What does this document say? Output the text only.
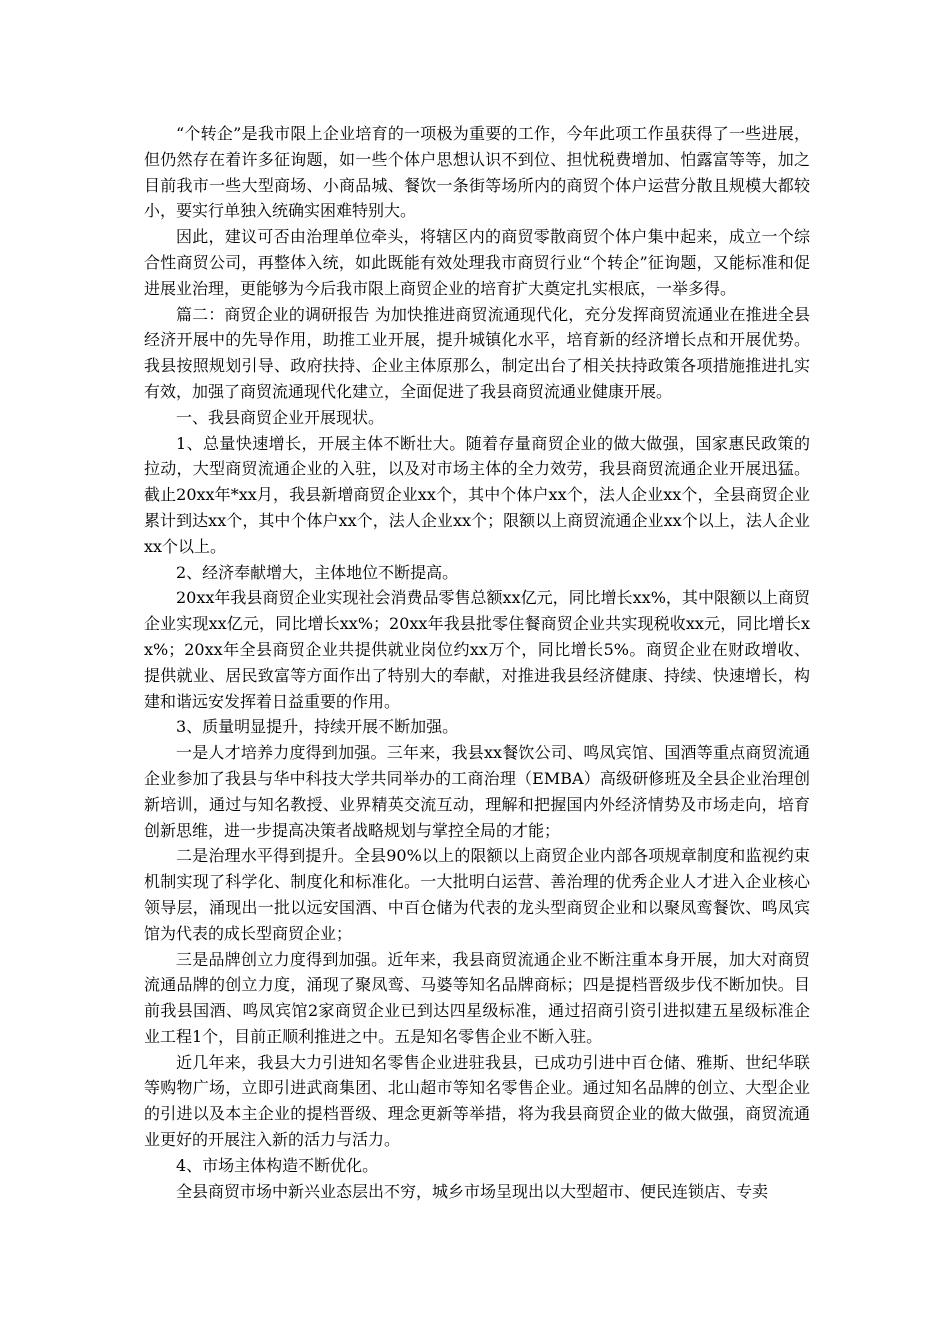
“个转企”是我市限上企业培育的一项极为重要的工作，今年此项工作虽获得了一些进展，但仍然存在着许多征询题，如一些个体户思想认识不到位、担忧税费增加、怕露富等等，加之目前我市一些大型商场、小商品城、餐饮一条街等场所内的商贸个体户运营分散且规模大都较小，要实行单独入统确实困难特别大。

因此，建议可否由治理单位牵头，将辖区内的商贸零散商贸个体户集中起来，成立一个综合性商贸公司，再整体入统，如此既能有效处理我市商贸行业“个转企”征询题，又能标准和促进展业治理，更能够为今后我市限上商贸企业的培育扩大奠定扎实根底，一举多得。

篇二：商贸企业的调研报告 为加快推进商贸流通现代化，充分发挥商贸流通业在推进全县经济开展中的先导作用，助推工业开展，提升城镇化水平，培育新的经济增长点和开展优势。我县按照规划引导、政府扶持、企业主体原那么，制定出台了相关扶持政策各项措施推进扎实有效，加强了商贸流通现代化建立，全面促进了我县商贸流通业健康开展。

一、我县商贸企业开展现状。

1、总量快速增长，开展主体不断壮大。随着存量商贸企业的做大做强，国家惠民政策的拉动，大型商贸流通企业的入驻，以及对市场主体的全力效劳，我县商贸流通企业开展迅猛。截止20xx年*xx月，我县新增商贸企业xx个，其中个体户xx个，法人企业xx个，全县商贸企业累计到达xx个，其中个体户xx个，法人企业xx个；限额以上商贸流通企业xx个以上，法人企业xx个以上。

2、经济奉献增大，主体地位不断提高。

20xx年我县商贸企业实现社会消费品零售总额xx亿元，同比增长xx%，其中限额以上商贸企业实现xx亿元，同比增长xx%；20xx年我县批零住餐商贸企业共实现税收xx元，同比增长xx%；20xx年全县商贸企业共提供就业岗位约xx万个，同比增长5%。商贸企业在财政增收、提供就业、居民致富等方面作出了特别大的奉献，对推进我县经济健康、持续、快速增长，构建和谐远安发挥着日益重要的作用。

3、质量明显提升，持续开展不断加强。

一是人才培养力度得到加强。三年来，我县xx餐饮公司、鸣凤宾馆、国酒等重点商贸流通企业参加了我县与华中科技大学共同举办的工商治理（EMBA）高级研修班及全县企业治理创新培训，通过与知名教授、业界精英交流互动，理解和把握国内外经济情势及市场走向，培育创新思维，进一步提高决策者战略规划与掌控全局的才能；

二是治理水平得到提升。全县90%以上的限额以上商贸企业内部各项规章制度和监视约束机制实现了科学化、制度化和标准化。一大批明白运营、善治理的优秀企业人才进入企业核心领导层，涌现出一批以远安国酒、中百仓储为代表的龙头型商贸企业和以聚凤鸾餐饮、鸣凤宾馆为代表的成长型商贸企业；

三是品牌创立力度得到加强。近年来，我县商贸流通企业不断注重本身开展，加大对商贸流通品牌的创立力度，涌现了聚凤鸾、马婆等知名品牌商标；四是提档晋级步伐不断加快。目前我县国酒、鸣凤宾馆2家商贸企业已到达四星级标准，通过招商引资引进拟建五星级标准企业工程1个，目前正顺利推进之中。五是知名零售企业不断入驻。

近几年来，我县大力引进知名零售企业进驻我县，已成功引进中百仓储、雅斯、世纪华联等购物广场，立即引进武商集团、北山超市等知名零售企业。通过知名品牌的创立、大型企业的引进以及本主企业的提档晋级、理念更新等举措，将为我县商贸企业的做大做强，商贸流通业更好的开展注入新的活力与活力。

4、市场主体构造不断优化。

全县商贸市场中新兴业态层出不穷，城乡市场呈现出以大型超市、便民连锁店、专卖
